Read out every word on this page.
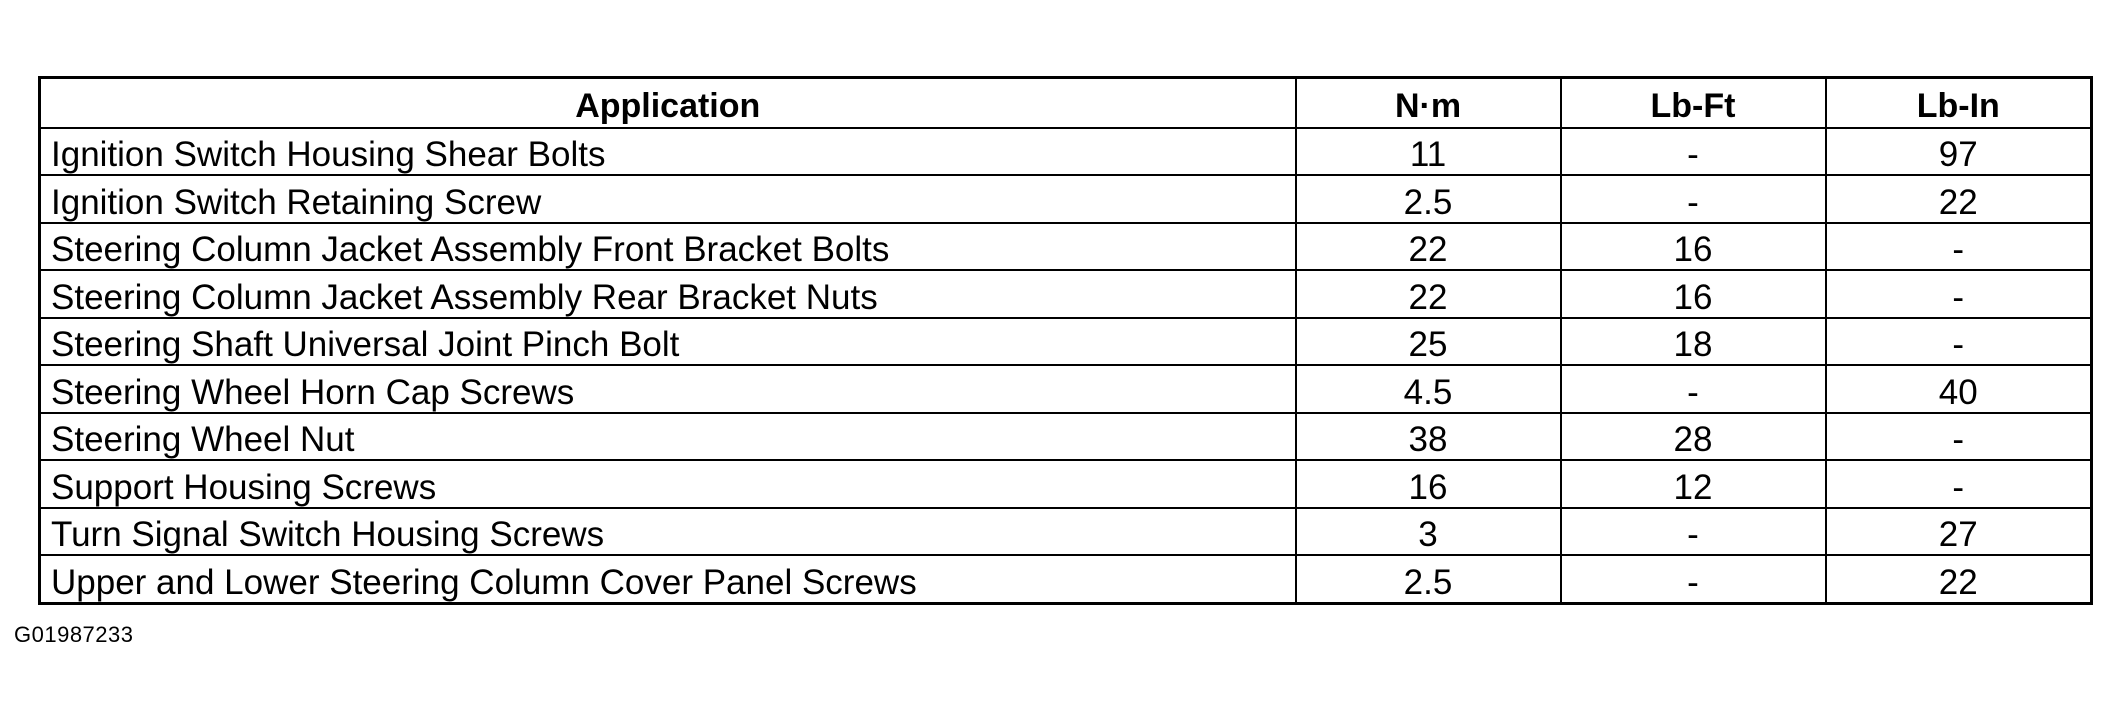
Application	N·m	Lb-Ft	Lb-In
Ignition Switch Housing Shear Bolts	11	-	97
Ignition Switch Retaining Screw	2.5	-	22
Steering Column Jacket Assembly Front Bracket Bolts	22	16	-
Steering Column Jacket Assembly Rear Bracket Nuts	22	16	-
Steering Shaft Universal Joint Pinch Bolt	25	18	-
Steering Wheel Horn Cap Screws	4.5	-	40
Steering Wheel Nut	38	28	-
Support Housing Screws	16	12	-
Turn Signal Switch Housing Screws	3	-	27
Upper and Lower Steering Column Cover Panel Screws	2.5	-	22
G01987233
